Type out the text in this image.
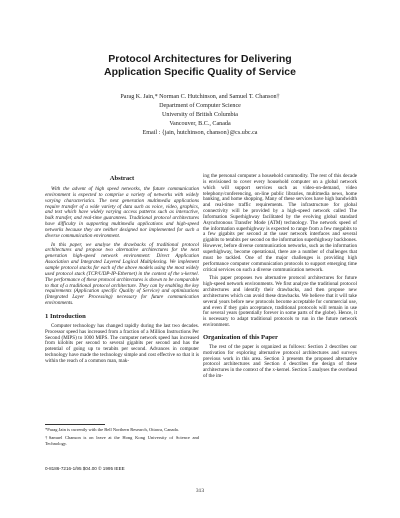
Protocol Architectures for Delivering
Application Specific Quality of Service
Parag K. Jain,* Norman C. Hutchinson, and Samuel T. Chanson†
Department of Computer Science
University of British Columbia
Vancouver, B.C., Canada
Email : {jain, hutchinson, chanson}@cs.ubc.ca
Abstract

With the advent of high speed networks, the future communication environment is expected to comprise a variety of networks with widely varying characteristics. The next generation multimedia applications require transfer of a wide variety of data such as voice, video, graphics, and text which have widely varying access patterns such as interactive, bulk transfer, and real-time guarantees. Traditional protocol architectures have difficulty in supporting multimedia applications and high-speed networks because they are neither designed nor implemented for such a diverse communication environment.

In this paper, we analyse the drawbacks of traditional protocol architectures and propose two alternative architectures for the next generation high-speed network environment: Direct Application Association and Integrated Layered Logical Multiplexing. We implement sample protocol stacks for each of the above models using the most widely used protocol stack (TCP/UDP-IP-Ethernet) in the context of the x-kernel. The performance of these protocol architectures is shown to be comparable to that of a traditional protocol architecture. They can by enabling the key requirements (Application specific Quality of Service) and optimizations (Integrated Layer Processing) necessary for future communication environments.

1 Introduction

Computer technology has changed rapidly during the last two decades. Processor speed has increased from a fraction of a Million Instructions Per Second (MIPS) to 1000 MIPS. The computer network speed has increased from kilobits per second to several gigabits per second and has the potential of going up to terabits per second. Advances in computer technology have made the technology simple and cost effective so that it is within the reach of a common man, mak-

*Parag Jain is currently with the Bell Northern Research, Ottawa, Canada.

†Samuel Chanson is on leave at the Hong Kong University of Science and Technology.

0-8186-7216-1/95 $04.00 © 1995 IEEE

ing the personal computer a household commodity. The rest of this decade is envisioned to cover every household computer on a global network which will support services such as video-on-demand, video telephony/conferencing, on-line public libraries, multimedia news, home banking, and home shopping. Many of these services have high bandwidth and real-time traffic requirements. The infrastructure for global connectivity will be provided by a high-speed network called The Information Superhighway facilitated by the evolving global standard Asynchronous Transfer Mode (ATM) technology. The network speed of the information superhighway is expected to range from a few megabits to a few gigabits per second at the user network interfaces and several gigabits to terabits per second on the information superhighway backbones. However, before diverse communication networks, such as the information superhighway, become operational, there are a number of challenges that must be tackled. One of the major challenges is providing high performance computer communication protocols to support emerging time critical services on such a diverse communication network.

This paper proposes two alternative protocol architectures for future high-speed network environments. We first analyze the traditional protocol architectures and identify their drawbacks, and then propose new architectures which can avoid these drawbacks. We believe that it will take several years before new protocols become acceptable for commercial use, and even if they gain acceptance, traditional protocols will remain in use for several years (potentially forever in some parts of the globe). Hence, it is necessary to adapt traditional protocols to run in the future network environment.

Organization of this Paper

The rest of the paper is organized as follows: Section 2 describes our motivation for exploring alternative protocol architectures and surveys previous work in this area. Section 3 presents the proposed alternative protocol architectures and Section 4 describes the design of these architectures in the context of the x-kernel. Section 5 analyses the overhead of the im-

313
